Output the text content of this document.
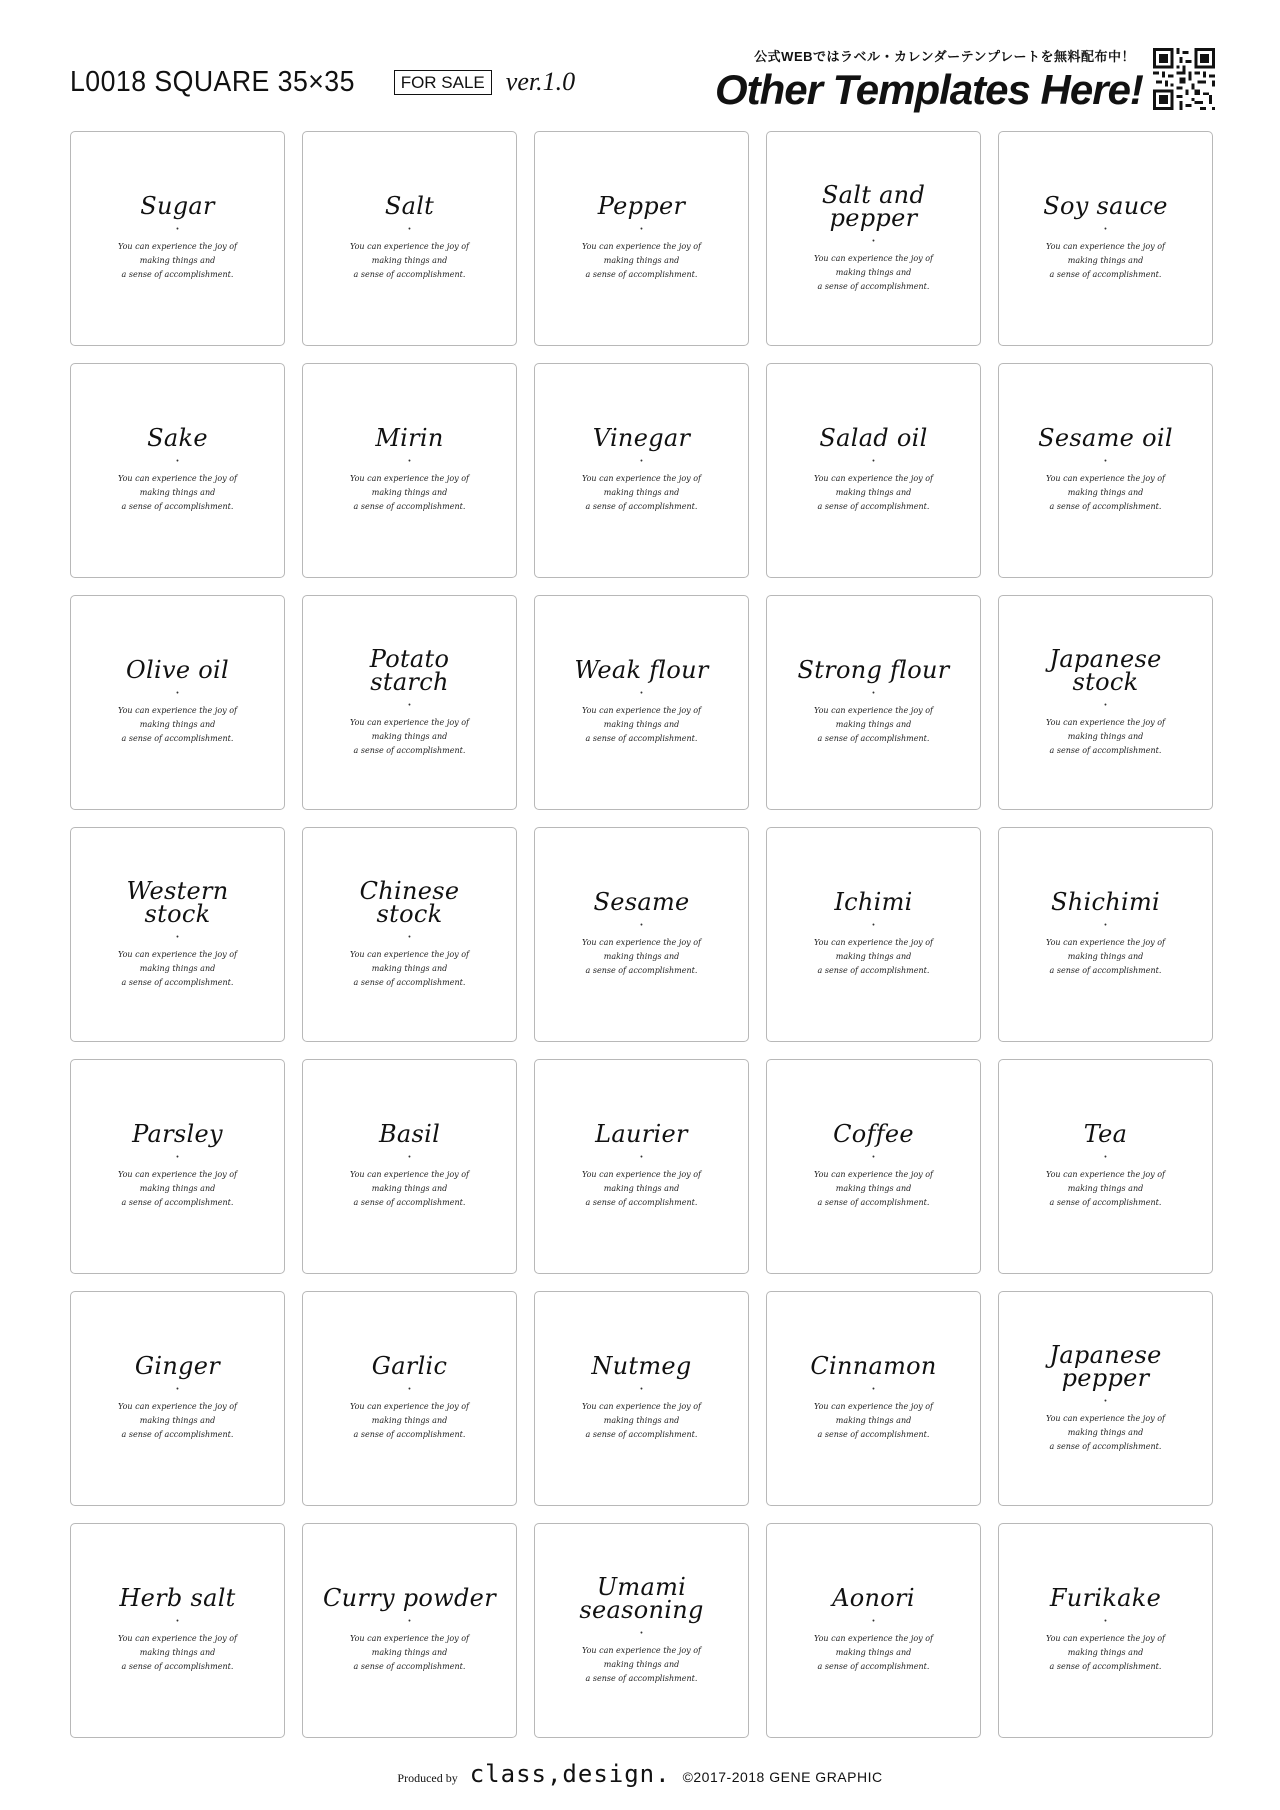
L0018 SQUARE 35×35	FOR SALE ver.1.0
公式WEBではラベル・カレンダーテンプレートを無料配布中！
Other Templates Here!
Sugar
•
You can experience the joy of
making things and
a sense of accomplishment.
Salt
•
You can experience the joy of
making things and
a sense of accomplishment.
Pepper
•
You can experience the joy of
making things and
a sense of accomplishment.
Salt and
pepper
•
You can experience the joy of
making things and
a sense of accomplishment.
Soy sauce
•
You can experience the joy of
making things and
a sense of accomplishment.
Sake
•
You can experience the joy of
making things and
a sense of accomplishment.
Mirin
•
You can experience the joy of
making things and
a sense of accomplishment.
Vinegar
•
You can experience the joy of
making things and
a sense of accomplishment.
Salad oil
•
You can experience the joy of
making things and
a sense of accomplishment.
Sesame oil
•
You can experience the joy of
making things and
a sense of accomplishment.
Olive oil
•
You can experience the joy of
making things and
a sense of accomplishment.
Potato
starch
•
You can experience the joy of
making things and
a sense of accomplishment.
Weak flour
•
You can experience the joy of
making things and
a sense of accomplishment.
Strong flour
•
You can experience the joy of
making things and
a sense of accomplishment.
Japanese
stock
•
You can experience the joy of
making things and
a sense of accomplishment.
Western
stock
•
You can experience the joy of
making things and
a sense of accomplishment.
Chinese
stock
•
You can experience the joy of
making things and
a sense of accomplishment.
Sesame
•
You can experience the joy of
making things and
a sense of accomplishment.
Ichimi
•
You can experience the joy of
making things and
a sense of accomplishment.
Shichimi
•
You can experience the joy of
making things and
a sense of accomplishment.
Parsley
•
You can experience the joy of
making things and
a sense of accomplishment.
Basil
•
You can experience the joy of
making things and
a sense of accomplishment.
Laurier
•
You can experience the joy of
making things and
a sense of accomplishment.
Coffee
•
You can experience the joy of
making things and
a sense of accomplishment.
Tea
•
You can experience the joy of
making things and
a sense of accomplishment.
Ginger
•
You can experience the joy of
making things and
a sense of accomplishment.
Garlic
•
You can experience the joy of
making things and
a sense of accomplishment.
Nutmeg
•
You can experience the joy of
making things and
a sense of accomplishment.
Cinnamon
•
You can experience the joy of
making things and
a sense of accomplishment.
Japanese
pepper
•
You can experience the joy of
making things and
a sense of accomplishment.
Herb salt
•
You can experience the joy of
making things and
a sense of accomplishment.
Curry powder
•
You can experience the joy of
making things and
a sense of accomplishment.
Umami
seasoning
•
You can experience the joy of
making things and
a sense of accomplishment.
Aonori
•
You can experience the joy of
making things and
a sense of accomplishment.
Furikake
•
You can experience the joy of
making things and
a sense of accomplishment.
Produced by class,design. ©2017-2018 GENE GRAPHIC
